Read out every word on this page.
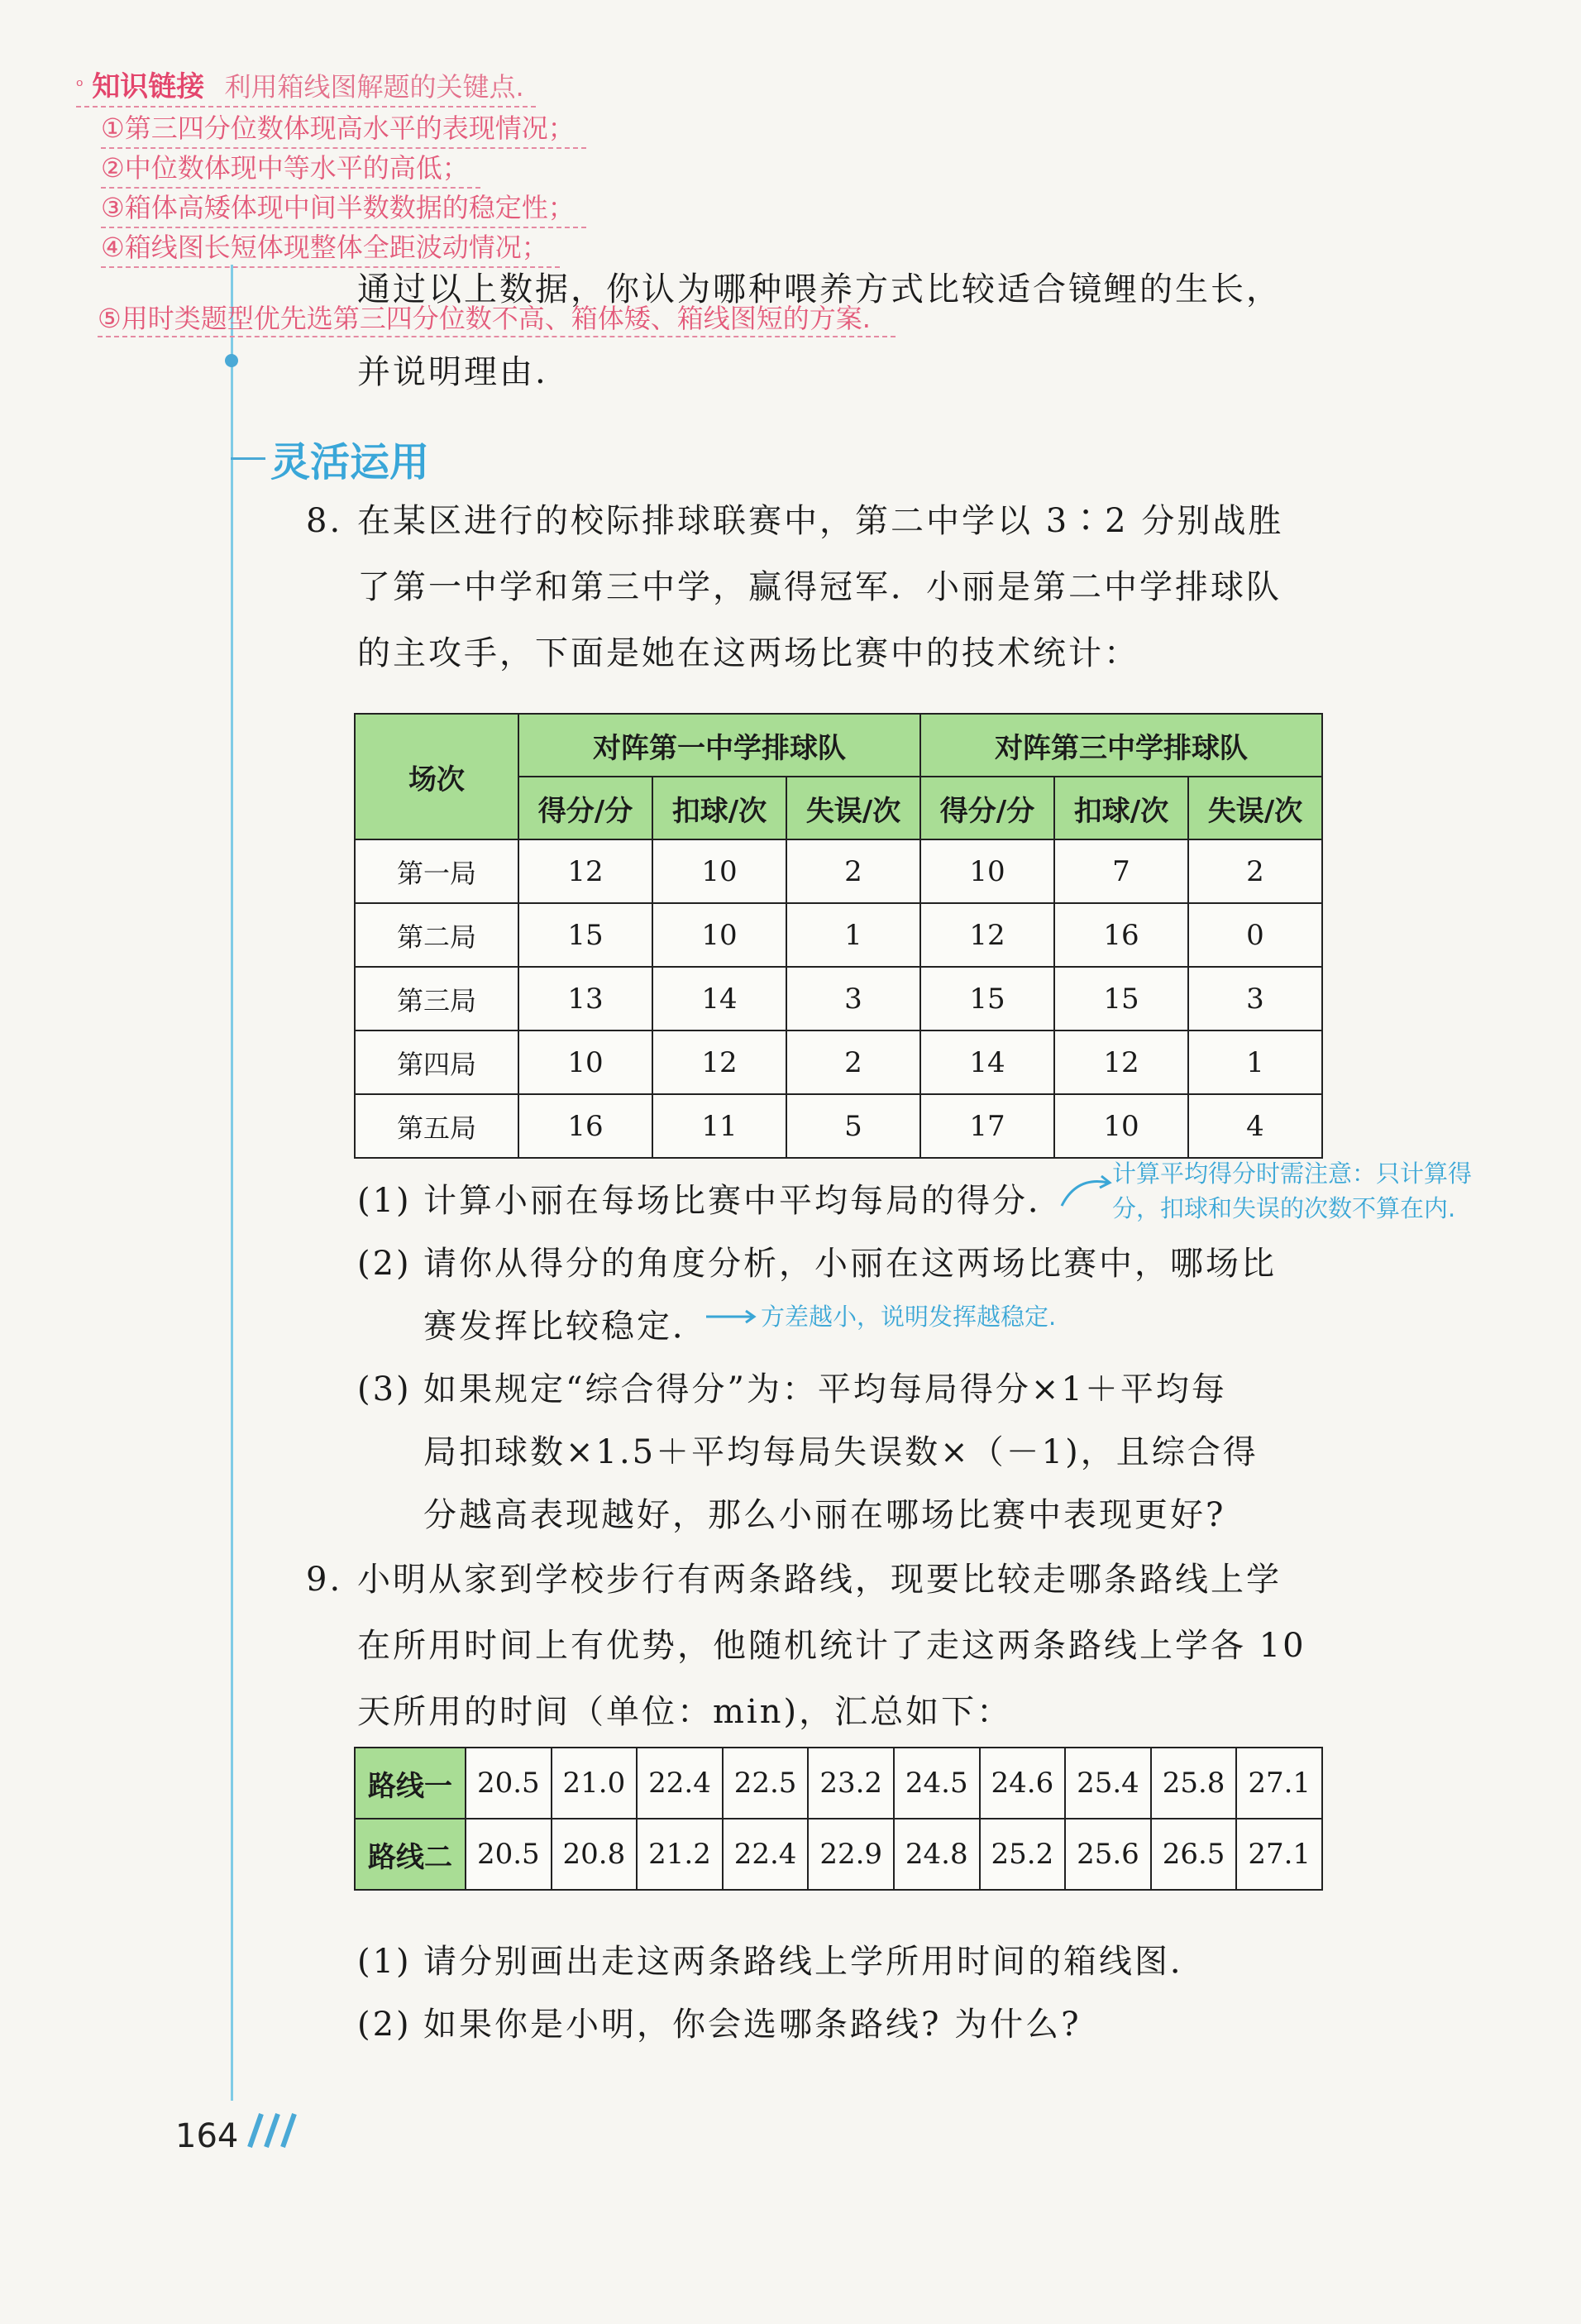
$^ᵒ$ 知识链接 利用箱线图解题的关键点.
①第三四分位数体现高水平的表现情况；
②中位数体现中等水平的高低；
③箱体高矮体现中间半数数据的稳定性；
④箱线图长短体现整体全距波动情况；
通过以上数据，你认为哪种喂养方式比较适合镜鲤的生长，
并说明理由.
⑤用时类题型优先选第三四分位数不高、箱体矮、箱线图短的方案.
灵活运用
8. 在某区进行的校际排球联赛中，第二中学以 3∶2 分别战胜
了第一中学和第三中学，赢得冠军．小丽是第二中学排球队
的主攻手，下面是她在这两场比赛中的技术统计：
场次	对阵第一中学排球队			对阵第三中学排球队		
	得分/分	扣球/次	失误/次	得分/分	扣球/次	失误/次
第一局	12	10	2	10	7	2
第二局	15	10	1	12	16	0
第三局	13	14	3	15	15	3
第四局	10	12	2	14	12	1
第五局	16	11	5	17	10	4
(1) 计算小丽在每场比赛中平均每局的得分．
计算平均得分时需注意：只计算得
分，扣球和失误的次数不算在内.
(2) 请你从得分的角度分析，小丽在这两场比赛中，哪场比
赛发挥比较稳定．	方差越小，说明发挥越稳定.
(3) 如果规定“综合得分”为：平均每局得分×1＋平均每
局扣球数×1.5＋平均每局失误数×（－1)，且综合得
分越高表现越好，那么小丽在哪场比赛中表现更好?
9. 小明从家到学校步行有两条路线，现要比较走哪条路线上学
在所用时间上有优势，他随机统计了走这两条路线上学各 10
天所用的时间（单位：min)，汇总如下：
路线一	20.5	21.0	22.4	22.5	23.2	24.5	24.6	25.4	25.8	27.1
路线二	20.5	20.8	21.2	22.4	22.9	24.8	25.2	25.6	26.5	27.1
(1) 请分别画出走这两条路线上学所用时间的箱线图．
(2) 如果你是小明，你会选哪条路线? 为什么?
164
